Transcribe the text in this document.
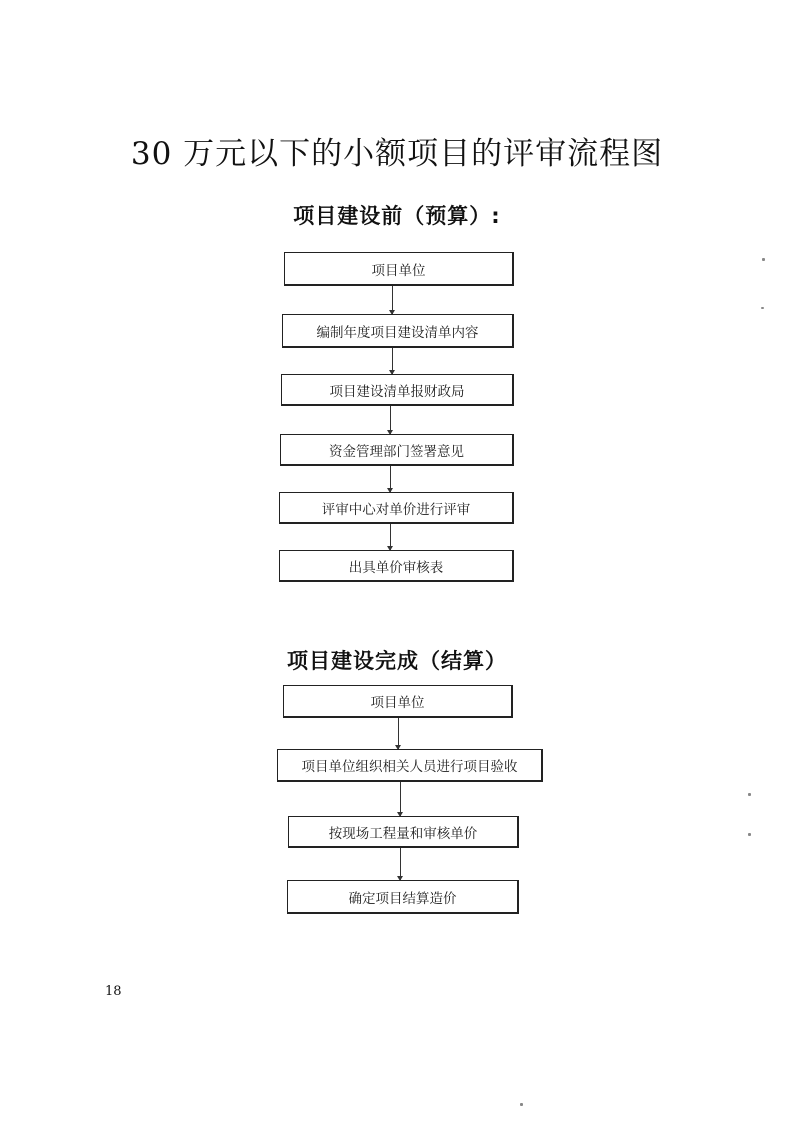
30 万元以下的小额项目的评审流程图
项目建设前（预算）:
项目单位
编制年度项目建设清单内容
项目建设清单报财政局
资金管理部门签署意见
评审中心对单价进行评审
出具单价审核表
项目建设完成（结算）
项目单位
项目单位组织相关人员进行项目验收
按现场工程量和审核单价
确定项目结算造价
18
